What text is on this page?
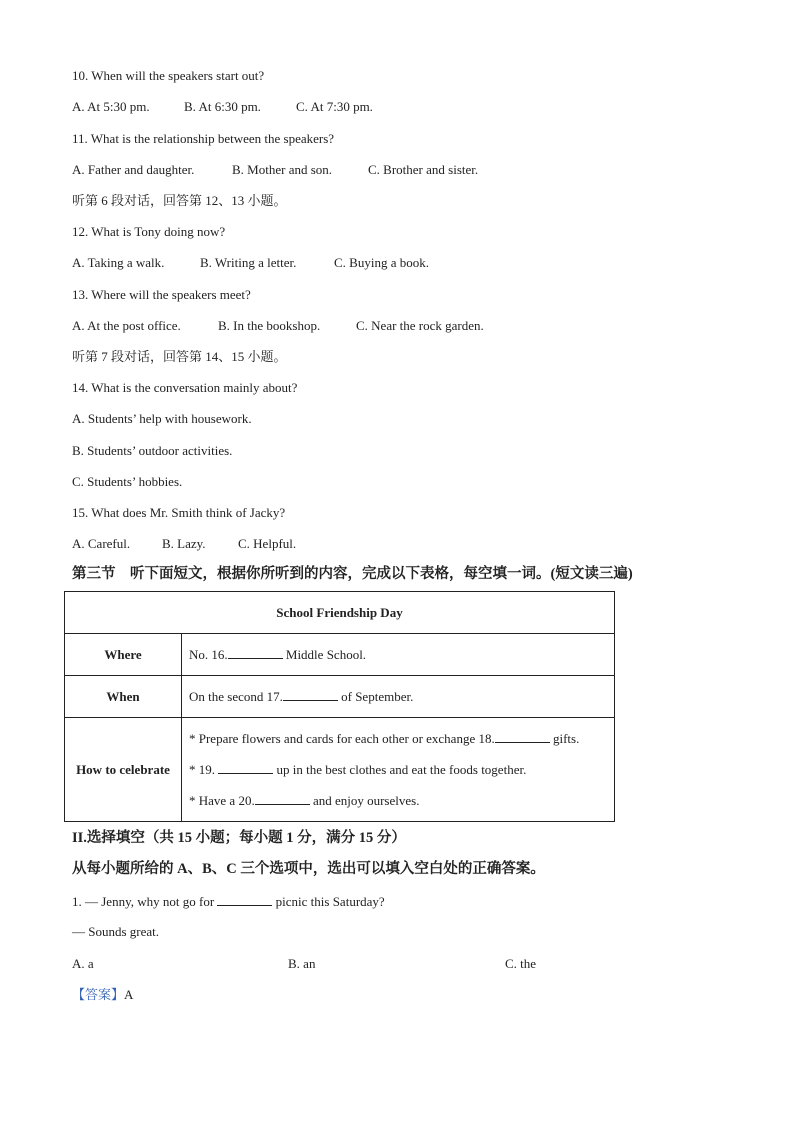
10. When will the speakers start out?
A. At 5:30 pm.	B. At 6:30 pm.	C. At 7:30 pm.
11. What is the relationship between the speakers?
A. Father and daughter.	B. Mother and son.	C. Brother and sister.
听第 6 段对话，回答第 12、13 小题。
12. What is Tony doing now?
A. Taking a walk.	B. Writing a letter.	C. Buying a book.
13. Where will the speakers meet?
A. At the post office.	B. In the bookshop.	C. Near the rock garden.
听第 7 段对话，回答第 14、15 小题。
14. What is the conversation mainly about?
A. Students’ help with housework.
B. Students’ outdoor activities.
C. Students’ hobbies.
15. What does Mr. Smith think of Jacky?
A. Careful.	B. Lazy.	C. Helpful.
第三节　听下面短文，根据你所听到的内容，完成以下表格，每空填一词。(短文读三遍)
School Friendship Day	
Where	No. 16. Middle School.
When	On the second 17. of September.
How to celebrate	* Prepare flowers and cards for each other or exchange 18. gifts.
* 19. up in the best clothes and eat the foods together.
* Have a 20. and enjoy ourselves.
II.选择填空（共 15 小题；每小题 1 分，满分 15 分）
从每小题所给的 A、B、C 三个选项中，选出可以填入空白处的正确答案。
1. — Jenny, why not go for	picnic this Saturday?
— Sounds great.
A. a	B. an	C. the
【答案】A
